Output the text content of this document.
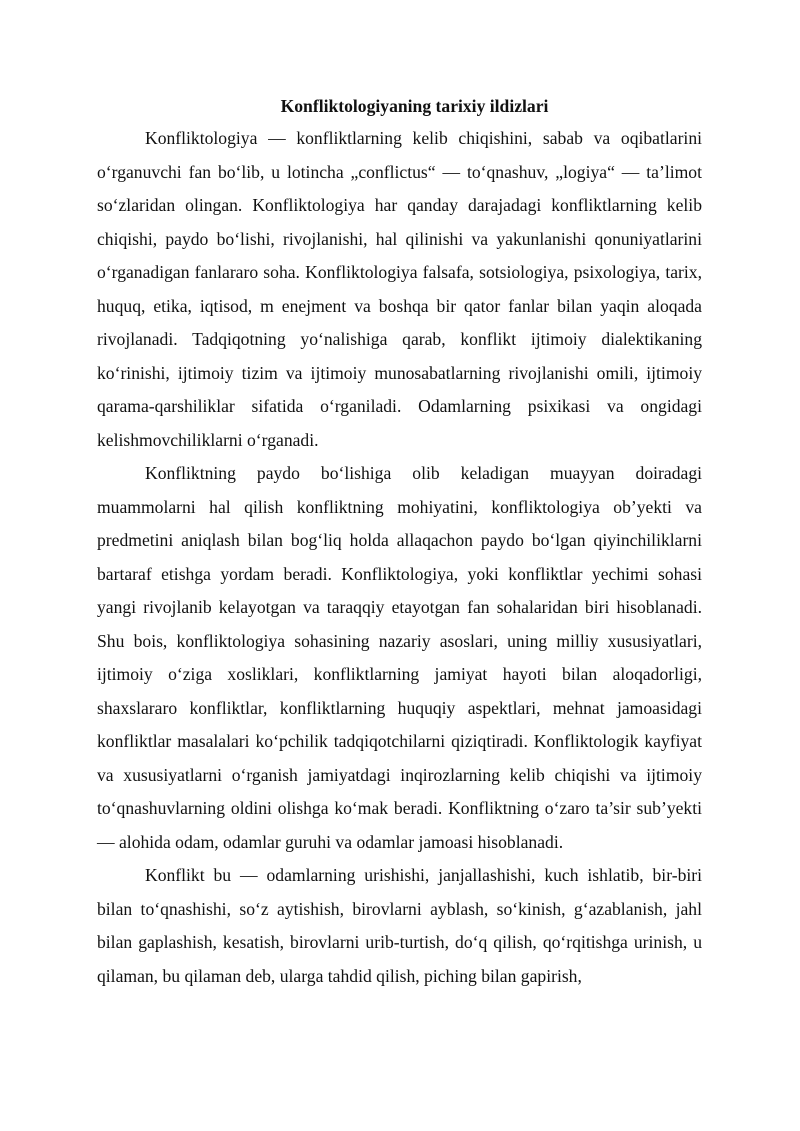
Konfliktologiyaning tarixiy ildizlari

Konfliktologiya — konfliktlarning kelib chiqishini, sabab va oqibatlarini o‘rganuvchi fan bo‘lib, u lotincha „conflictus“ — to‘qnashuv, „logiya“ — ta’limot so‘zlaridan olingan. Konfliktologiya har qanday darajadagi konfliktlarning kelib chiqishi, paydo bo‘lishi, rivojlanishi, hal qilinishi va yakunlanishi qonuniyatlarini o‘rganadigan fanlararo soha. Konfliktologiya falsafa, sotsiologiya, psixologiya, tarix, huquq, etika, iqtisod, m enejment va boshqa bir qator fanlar bilan yaqin aloqada rivojlanadi. Tadqiqotning yo‘nalishiga qarab, konflikt ijtimoiy dialektikaning ko‘rinishi, ijtimoiy tizim va ijtimoiy munosabatlarning rivojlanishi omili, ijtimoiy qarama-qarshiliklar sifatida o‘rganiladi. Odamlarning psixikasi va ongidagi kelishmovchiliklarni o‘rganadi.

Konfliktning paydo bo‘lishiga olib keladigan muayyan doiradagi muammolarni hal qilish konfliktning mohiyatini, konfliktologiya ob’yekti va predmetini aniqlash bilan bog‘liq holda allaqachon paydo bo‘lgan qiyinchiliklarni bartaraf etishga yordam beradi. Konfliktologiya, yoki konfliktlar yechimi sohasi yangi rivojlanib kelayotgan va taraqqiy etayotgan fan sohalaridan biri hisoblanadi. Shu bois, konfliktologiya sohasining nazariy asoslari, uning milliy xususiyatlari, ijtimoiy o‘ziga xosliklari, konfliktlarning jamiyat hayoti bilan aloqadorligi, shaxslararo konfliktlar, konfliktlarning huquqiy aspektlari, mehnat jamoasidagi konfliktlar masalalari ko‘pchilik tadqiqotchilarni qiziqtiradi. Konfliktologik kayfiyat va xususiyatlarni o‘rganish jamiyatdagi inqirozlarning kelib chiqishi va ijtimoiy to‘qnashuvlarning oldini olishga ko‘mak beradi. Konfliktning o‘zaro ta’sir sub’yekti — alohida odam, odamlar guruhi va odamlar jamoasi hisoblanadi.

Konflikt bu — odamlarning urishishi, janjallashishi, kuch ishlatib, bir-biri bilan to‘qnashishi, so‘z aytishish, birovlarni ayblash, so‘kinish, g‘azablanish, jahl bilan gaplashish, kesatish, birovlarni urib-turtish, do‘q qilish, qo‘rqitishga urinish, u qilaman, bu qilaman deb, ularga tahdid qilish, piching bilan gapirish,
